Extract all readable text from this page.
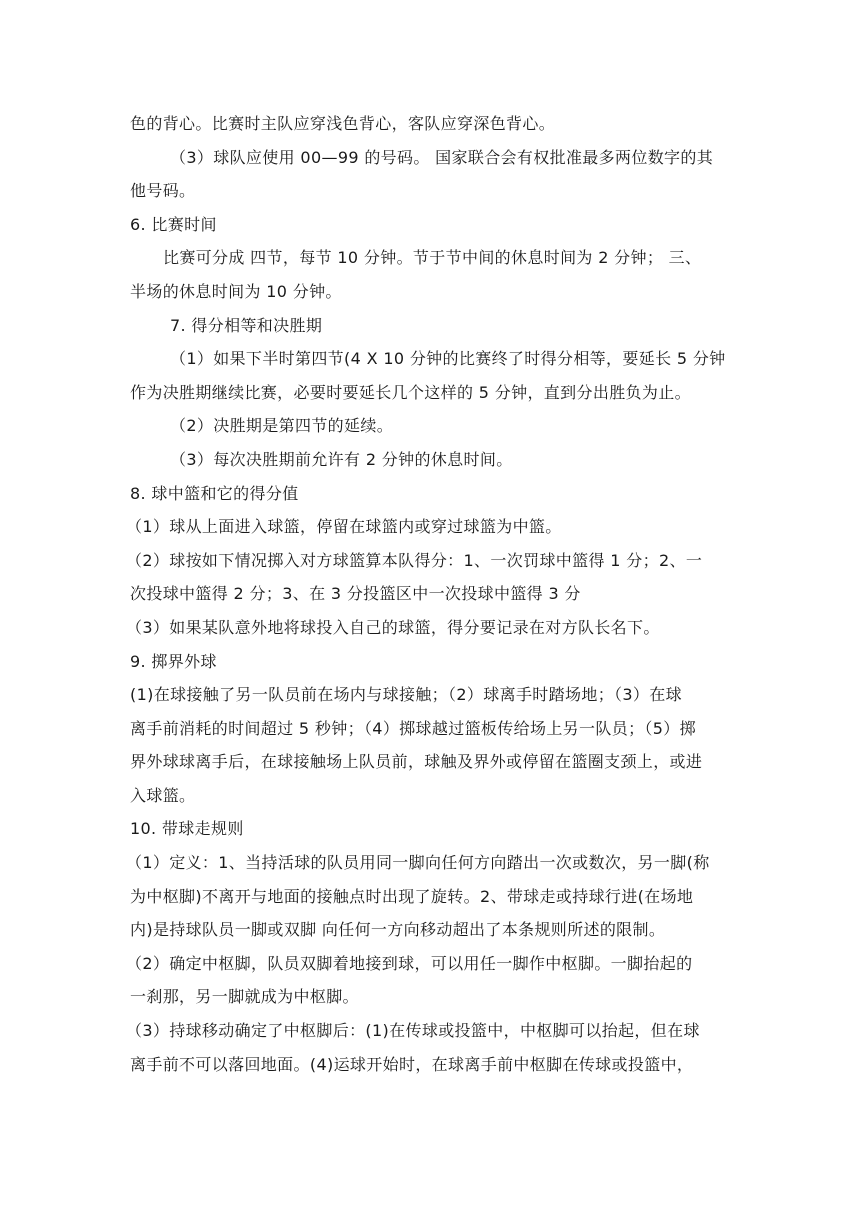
色的背心。比赛时主队应穿浅色背心，客队应穿深色背心。
（3）球队应使用 00—99 的号码。 国家联合会有权批准最多两位数字的其
他号码。
6. 比赛时间
比赛可分成 四节，每节 10 分钟。节于节中间的休息时间为 2 分钟； 三、
半场的休息时间为 10 分钟。
7. 得分相等和决胜期
（1）如果下半时第四节(4 X 10 分钟的比赛终了时得分相等，要延长 5 分钟
作为决胜期继续比赛，必要时要延长几个这样的 5 分钟，直到分出胜负为止。
（2）决胜期是第四节的延续。
（3）每次决胜期前允许有 2 分钟的休息时间。
8. 球中篮和它的得分值
（1）球从上面进入球篮，停留在球篮内或穿过球篮为中篮。
（2）球按如下情况掷入对方球篮算本队得分：1、一次罚球中篮得 1 分；2、一
次投球中篮得 2 分；3、在 3 分投篮区中一次投球中篮得 3 分
（3）如果某队意外地将球投入自己的球篮，得分要记录在对方队长名下。
9. 掷界外球
(1)在球接触了另一队员前在场内与球接触；（2）球离手时踏场地；（3）在球
离手前消耗的时间超过 5 秒钟；（4）掷球越过篮板传给场上另一队员；（5）掷
界外球球离手后，在球接触场上队员前，球触及界外或停留在篮圈支颈上，或进
入球篮。
10. 带球走规则
（1）定义：1、当持活球的队员用同一脚向任何方向踏出一次或数次，另一脚(称
为中枢脚)不离开与地面的接触点时出现了旋转。2、带球走或持球行进(在场地
内)是持球队员一脚或双脚 向任何一方向移动超出了本条规则所述的限制。
（2）确定中枢脚，队员双脚着地接到球，可以用任一脚作中枢脚。一脚抬起的
一刹那，另一脚就成为中枢脚。
（3）持球移动确定了中枢脚后：(1)在传球或投篮中，中枢脚可以抬起，但在球
离手前不可以落回地面。(4)运球开始时，在球离手前中枢脚在传球或投篮中，
